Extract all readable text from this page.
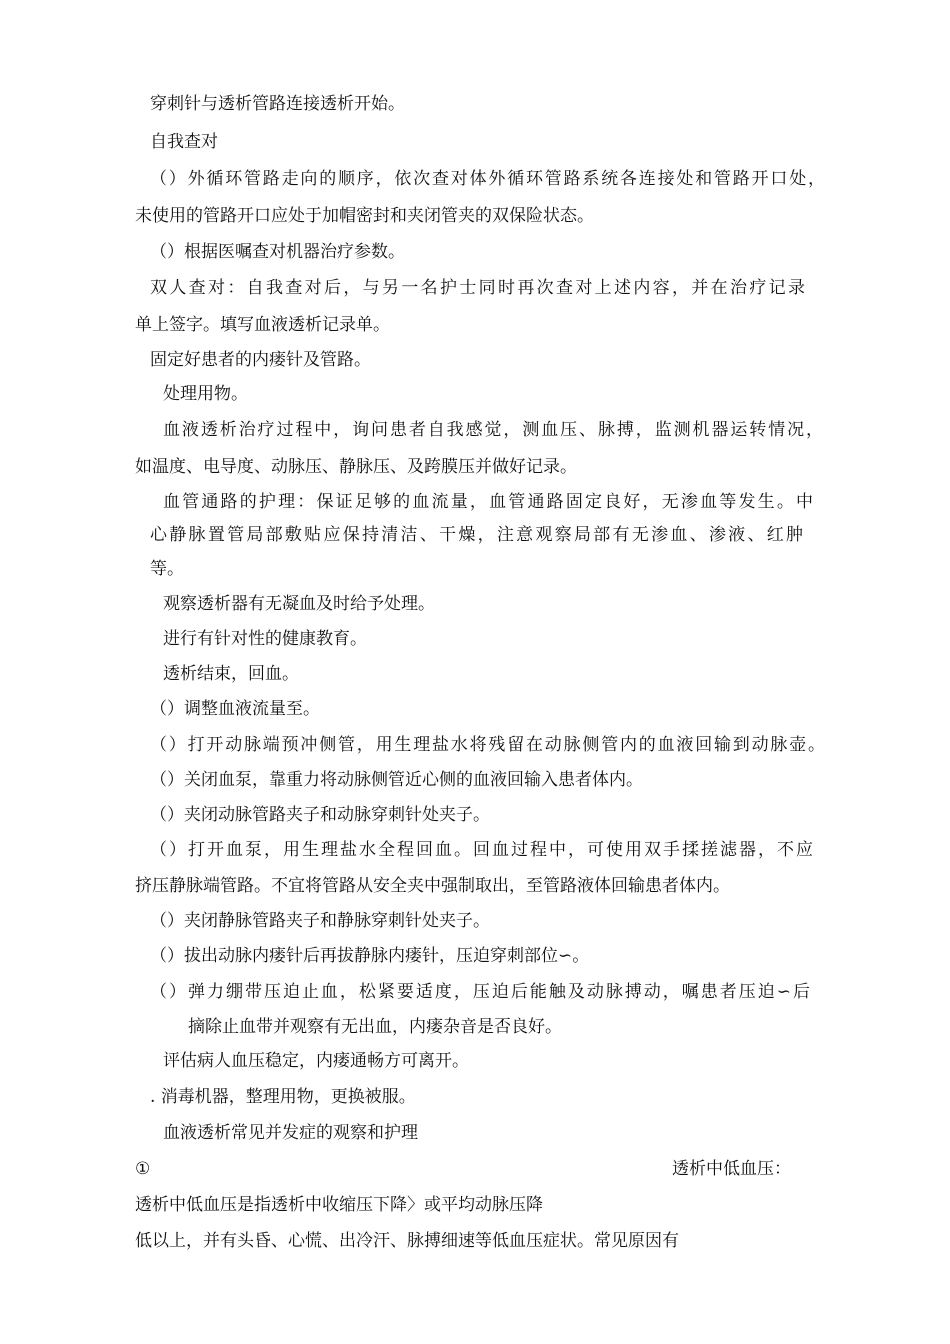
穿刺针与透析管路连接透析开始。
自我查对
（）外循环管路走向的顺序，依次查对体外循环管路系统各连接处和管路开口处，
未使用的管路开口应处于加帽密封和夹闭管夹的双保险状态。
（）根据医嘱查对机器治疗参数。
双人查对：自我查对后，与另一名护士同时再次查对上述内容，并在治疗记录
单上签字。填写血液透析记录单。
固定好患者的内瘘针及管路。
处理用物。
血液透析治疗过程中，询问患者自我感觉，测血压、脉搏，监测机器运转情况，
如温度、电导度、动脉压、静脉压、及跨膜压并做好记录。
血管通路的护理：保证足够的血流量，血管通路固定良好，无渗血等发生。中
心静脉置管局部敷贴应保持清洁、干燥，注意观察局部有无渗血、渗液、红肿
等。
观察透析器有无凝血及时给予处理。
进行有针对性的健康教育。
透析结束，回血。
（）调整血液流量至。
（）打开动脉端预冲侧管，用生理盐水将残留在动脉侧管内的血液回输到动脉壶。
（）关闭血泵，靠重力将动脉侧管近心侧的血液回输入患者体内。
（）夹闭动脉管路夹子和动脉穿刺针处夹子。
（）打开血泵，用生理盐水全程回血。回血过程中，可使用双手揉搓滤器，不应
挤压静脉端管路。不宜将管路从安全夹中强制取出，至管路液体回输患者体内。
（）夹闭静脉管路夹子和静脉穿刺针处夹子。
（）拔出动脉内瘘针后再拔静脉内瘘针，压迫穿刺部位∽。
（）弹力绷带压迫止血，松紧要适度，压迫后能触及动脉搏动，嘱患者压迫∽后
摘除止血带并观察有无出血，内瘘杂音是否良好。
评估病人血压稳定，内瘘通畅方可离开。
. 消毒机器，整理用物，更换被服。
血液透析常见并发症的观察和护理
①	透析中低血压：
透析中低血压是指透析中收缩压下降〉或平均动脉压降
低以上，并有头昏、心慌、出冷汗、脉搏细速等低血压症状。常见原因有
